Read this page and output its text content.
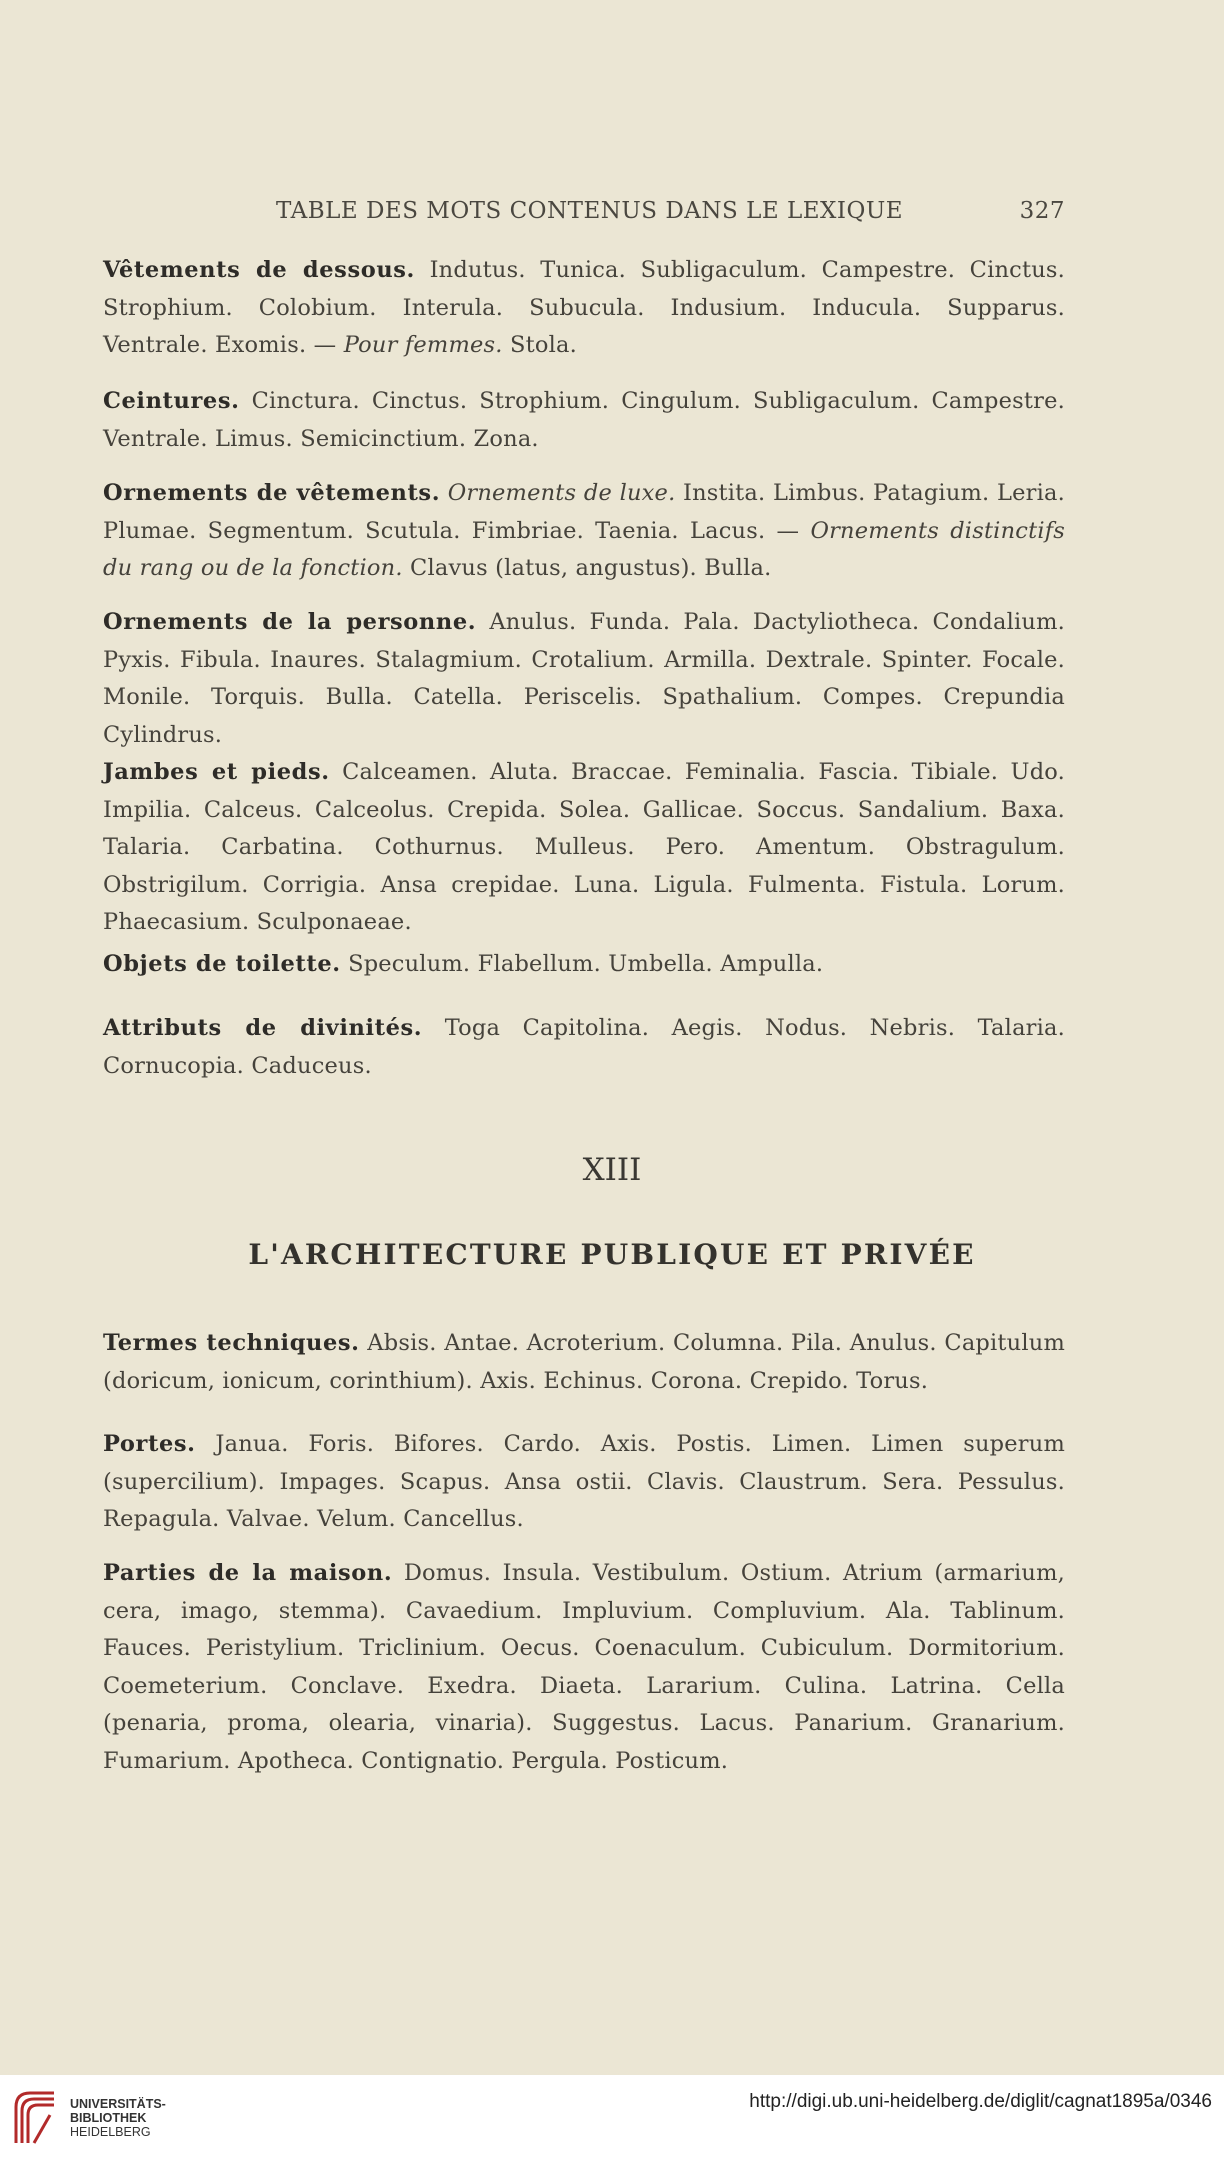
TABLE DES MOTS CONTENUS DANS LE LEXIQUE	327

Vêtements de dessous. Indutus. Tunica. Subligaculum. Campestre. Cinctus. Strophium. Colobium. Interula. Subucula. Indusium. Inducula. Supparus. Ventrale. Exomis. — Pour femmes. Stola.

Ceintures. Cinctura. Cinctus. Strophium. Cingulum. Subligaculum. Campestre. Ventrale. Limus. Semicinctium. Zona.

Ornements de vêtements. Ornements de luxe. Instita. Limbus. Patagium. Leria. Plumae. Segmentum. Scutula. Fimbriae. Taenia. Lacus. — Ornements distinctifs du rang ou de la fonction. Clavus (latus, angustus). Bulla.

Ornements de la personne. Anulus. Funda. Pala. Dactyliotheca. Condalium. Pyxis. Fibula. Inaures. Stalagmium. Crotalium. Armilla. Dextrale. Spinter. Focale. Monile. Torquis. Bulla. Catella. Periscelis. Spathalium. Compes. Crepundia Cylindrus.

Jambes et pieds. Calceamen. Aluta. Braccae. Feminalia. Fascia. Tibiale. Udo. Impilia. Calceus. Calceolus. Crepida. Solea. Gallicae. Soccus. Sandalium. Baxa. Talaria. Carbatina. Cothurnus. Mulleus. Pero. Amentum. Obstragulum. Obstrigilum. Corrigia. Ansa crepidae. Luna. Ligula. Fulmenta. Fistula. Lorum. Phaecasium. Sculponaeae.

Objets de toilette. Speculum. Flabellum. Umbella. Ampulla.

Attributs de divinités. Toga Capitolina. Aegis. Nodus. Nebris. Talaria. Cornucopia. Caduceus.

XIII
L'ARCHITECTURE PUBLIQUE ET PRIVÉE

Termes techniques. Absis. Antae. Acroterium. Columna. Pila. Anulus. Capitulum (doricum, ionicum, corinthium). Axis. Echinus. Corona. Crepido. Torus.

Portes. Janua. Foris. Bifores. Cardo. Axis. Postis. Limen. Limen superum (supercilium). Impages. Scapus. Ansa ostii. Clavis. Claustrum. Sera. Pessulus. Repagula. Valvae. Velum. Cancellus.

Parties de la maison. Domus. Insula. Vestibulum. Ostium. Atrium (armarium, cera, imago, stemma). Cavaedium. Impluvium. Compluvium. Ala. Tablinum. Fauces. Peristylium. Triclinium. Oecus. Coenaculum. Cubiculum. Dormitorium. Coemeterium. Conclave. Exedra. Diaeta. Lararium. Culina. Latrina. Cella (penaria, proma, olearia, vinaria). Suggestus. Lacus. Panarium. Granarium. Fumarium. Apotheca. Contignatio. Pergula. Posticum.

UNIVERSITÄTS-
BIBLIOTHEK
HEIDELBERG
http://digi.ub.uni-heidelberg.de/diglit/cagnat1895a/0346
